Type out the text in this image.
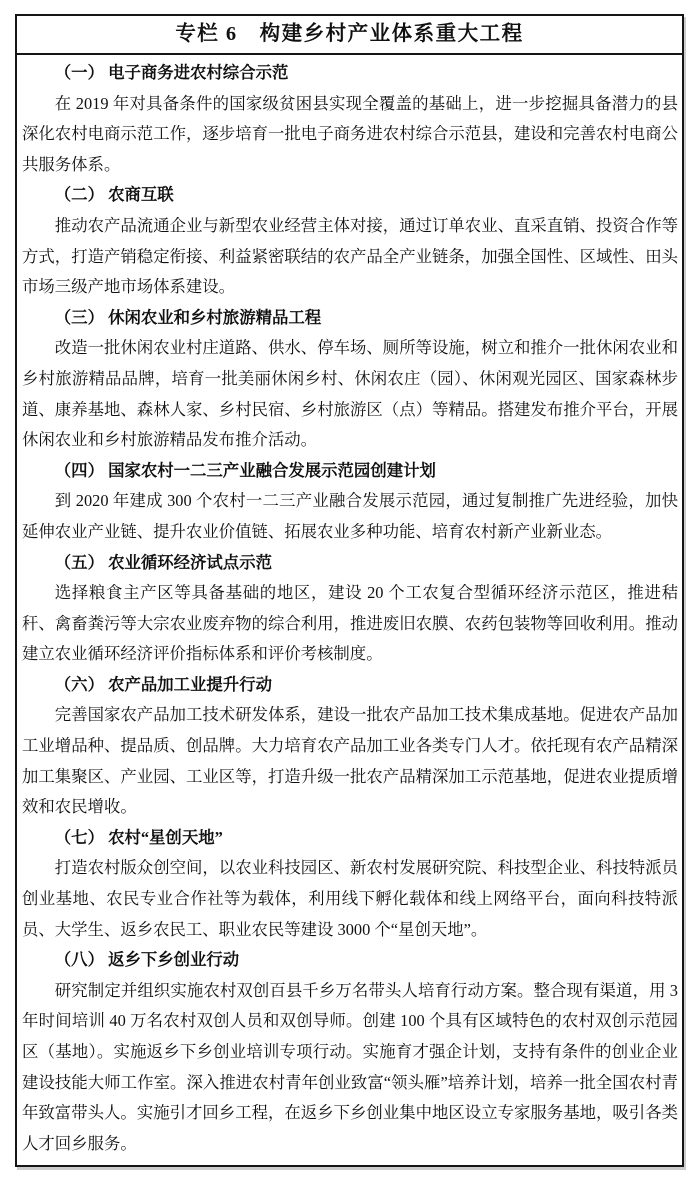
专栏 6　构建乡村产业体系重大工程

（一） 电子商务进农村综合示范

在 2019 年对具备条件的国家级贫困县实现全覆盖的基础上，进一步挖掘具备潜力的县深化农村电商示范工作，逐步培育一批电子商务进农村综合示范县，建设和完善农村电商公共服务体系。

（二） 农商互联

推动农产品流通企业与新型农业经营主体对接，通过订单农业、直采直销、投资合作等方式，打造产销稳定衔接、利益紧密联结的农产品全产业链条，加强全国性、区域性、田头市场三级产地市场体系建设。

（三） 休闲农业和乡村旅游精品工程

改造一批休闲农业村庄道路、供水、停车场、厕所等设施，树立和推介一批休闲农业和乡村旅游精品品牌，培育一批美丽休闲乡村、休闲农庄（园）、休闲观光园区、国家森林步道、康养基地、森林人家、乡村民宿、乡村旅游区（点）等精品。搭建发布推介平台，开展休闲农业和乡村旅游精品发布推介活动。

（四） 国家农村一二三产业融合发展示范园创建计划

到 2020 年建成 300 个农村一二三产业融合发展示范园，通过复制推广先进经验，加快延伸农业产业链、提升农业价值链、拓展农业多种功能、培育农村新产业新业态。

（五） 农业循环经济试点示范

选择粮食主产区等具备基础的地区，建设 20 个工农复合型循环经济示范区，推进秸秆、禽畜粪污等大宗农业废弃物的综合利用，推进废旧农膜、农药包装物等回收利用。推动建立农业循环经济评价指标体系和评价考核制度。

（六） 农产品加工业提升行动

完善国家农产品加工技术研发体系，建设一批农产品加工技术集成基地。促进农产品加工业增品种、提品质、创品牌。大力培育农产品加工业各类专门人才。依托现有农产品精深加工集聚区、产业园、工业区等，打造升级一批农产品精深加工示范基地，促进农业提质增效和农民增收。

（七） 农村“星创天地”

打造农村版众创空间，以农业科技园区、新农村发展研究院、科技型企业、科技特派员创业基地、农民专业合作社等为载体，利用线下孵化载体和线上网络平台，面向科技特派员、大学生、返乡农民工、职业农民等建设 3000 个“星创天地”。

（八） 返乡下乡创业行动

研究制定并组织实施农村双创百县千乡万名带头人培育行动方案。整合现有渠道，用 3 年时间培训 40 万名农村双创人员和双创导师。创建 100 个具有区域特色的农村双创示范园区（基地）。实施返乡下乡创业培训专项行动。实施育才强企计划，支持有条件的创业企业建设技能大师工作室。深入推进农村青年创业致富“领头雁”培养计划，培养一批全国农村青年致富带头人。实施引才回乡工程，在返乡下乡创业集中地区设立专家服务基地，吸引各类人才回乡服务。
